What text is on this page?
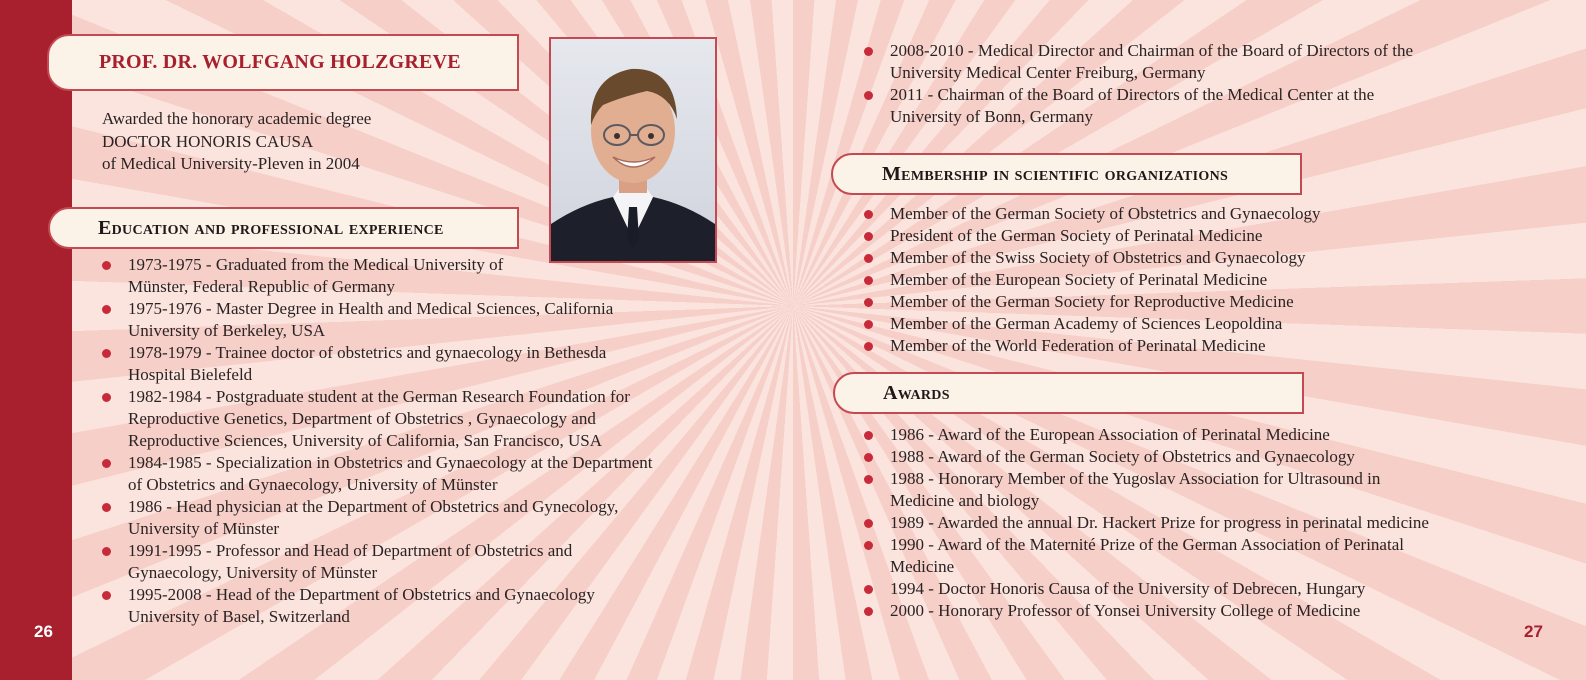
26	27
PROF. DR. WOLFGANG HOLZGREVE
Awarded the honorary academic degree
DOCTOR HONORIS CAUSA
of Medical University-Pleven in 2004
Education and professional experience
1973-1975 - Graduated from the Medical University of
Münster, Federal Republic of Germany
1975-1976 - Master Degree in Health and Medical Sciences, California
University of Berkeley, USA
1978-1979 - Trainee doctor of obstetrics and gynaecology in Bethesda
Hospital Bielefeld
1982-1984 - Postgraduate student at the German Research Foundation for
Reproductive Genetics, Department of Obstetrics , Gynaecology and
Reproductive Sciences, University of California, San Francisco, USA
1984-1985 - Specialization in Obstetrics and Gynaecology at the Department
of Obstetrics and Gynaecology, University of Münster
1986 - Head physician at the Department of Obstetrics and Gynecology,
University of Münster
1991-1995 - Professor and Head of Department of Obstetrics and
Gynaecology, University of Münster
1995-2008 - Head of the Department of Obstetrics and Gynaecology
University of Basel, Switzerland
2008-2010 - Medical Director and Chairman of the Board of Directors of the
University Medical Center Freiburg, Germany
2011 - Chairman of the Board of Directors of the Medical Center at the
University of Bonn, Germany
Membership in scientific organizations
Member of the German Society of Obstetrics and Gynaecology
President of the German Society of Perinatal Medicine
Member of the Swiss Society of Obstetrics and Gynaecology
Member of the European Society of Perinatal Medicine
Member of the German Society for Reproductive Medicine
Member of the German Academy of Sciences Leopoldina
Member of the World Federation of Perinatal Medicine
Awards
1986 - Award of the European Association of Perinatal Medicine
1988 - Award of the German Society of Obstetrics and Gynaecology
1988 - Honorary Member of the Yugoslav Association for Ultrasound in
Medicine and biology
1989 - Awarded the annual Dr. Hackert Prize for progress in perinatal medicine
1990 - Award of the Maternité Prize of the German Association of Perinatal
Medicine
1994 - Doctor Honoris Causa of the University of Debrecen, Hungary
2000 - Honorary Professor of Yonsei University College of Medicine
